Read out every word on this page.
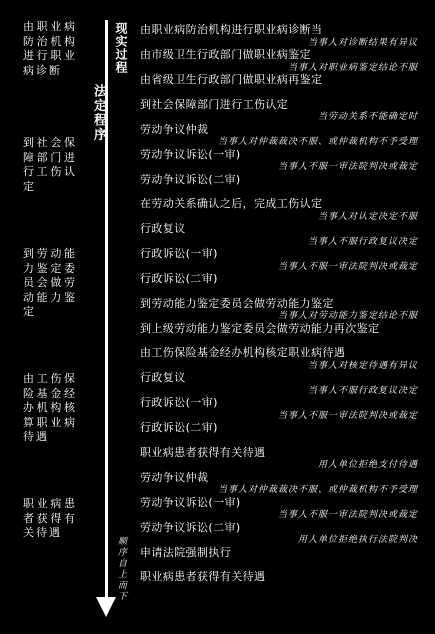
由职业病防治机构进行职业病诊断
到社会保障部门进行工伤认定
到劳动能力鉴定委员会做劳动能力鉴定
由工伤保险基金经办机构核算职业病待遇
职业病患者获得有关待遇
现实过程
法定程序
顺序自上而下
由职业病防治机构进行职业病诊断当
当事人对诊断结果有异议
由市级卫生行政部门做职业病鉴定
当事人对职业病鉴定结论不服
由省级卫生行政部门做职业病再鉴定
到社会保障部门进行工伤认定
当劳动关系不能确定时
劳动争议仲裁
当事人对仲裁裁决不服、或仲裁机构不予受理
劳动争议诉讼(一审)
当事人不服一审法院判决或裁定
劳动争议诉讼(二审)
在劳动关系确认之后，完成工伤认定
当事人对认定决定不服
行政复议
当事人不服行政复议决定
行政诉讼(一审)
当事人不服一审法院判决或裁定
行政诉讼(二审)
到劳动能力鉴定委员会做劳动能力鉴定
当事人对劳动能力鉴定结论不服
到上级劳动能力鉴定委员会做劳动能力再次鉴定
由工伤保险基金经办机构核定职业病待遇
当事人对核定待遇有异议
行政复议
当事人不服行政复议决定
行政诉讼(一审)
当事人不服一审法院判决或裁定
行政诉讼(二审)
职业病患者获得有关待遇
用人单位拒绝支付待遇
劳动争议仲裁
当事人对仲裁裁决不服、或仲裁机构不予受理
劳动争议诉讼(一审)
当事人不服一审法院判决或裁定
劳动争议诉讼(二审)
用人单位拒绝执行法院判决
申请法院强制执行
职业病患者获得有关待遇
